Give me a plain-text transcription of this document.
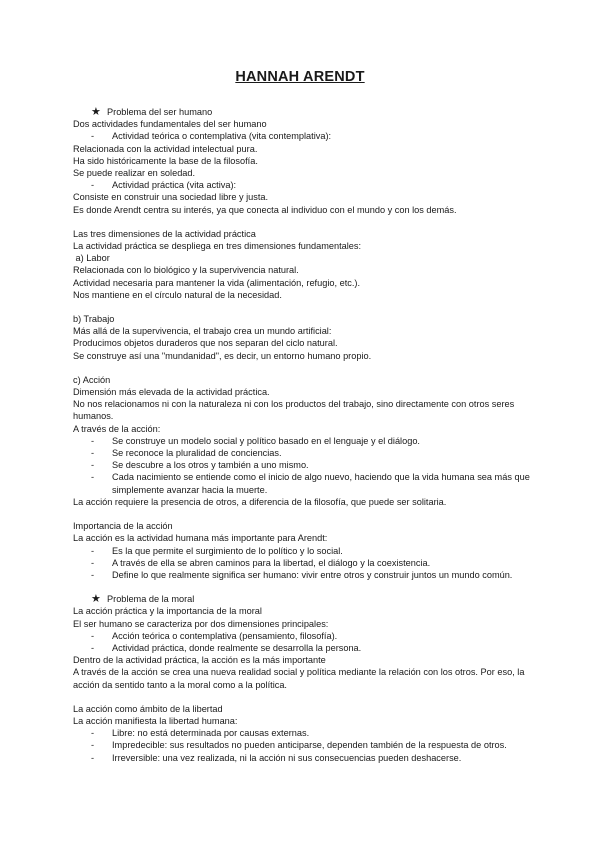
HANNAH ARENDT
★ Problema del ser humano
Dos actividades fundamentales del ser humano
-	Actividad teórica o contemplativa (vita contemplativa):
Relacionada con la actividad intelectual pura.
Ha sido históricamente la base de la filosofía.
Se puede realizar en soledad.
-	Actividad práctica (vita activa):
Consiste en construir una sociedad libre y justa.
Es donde Arendt centra su interés, ya que conecta al individuo con el mundo y con los demás.
Las tres dimensiones de la actividad práctica
La actividad práctica se despliega en tres dimensiones fundamentales:
a) Labor
Relacionada con lo biológico y la supervivencia natural.
Actividad necesaria para mantener la vida (alimentación, refugio, etc.).
Nos mantiene en el círculo natural de la necesidad.
b) Trabajo
Más allá de la supervivencia, el trabajo crea un mundo artificial:
Producimos objetos duraderos que nos separan del ciclo natural.
Se construye así una "mundanidad", es decir, un entorno humano propio.
c) Acción
Dimensión más elevada de la actividad práctica.
No nos relacionamos ni con la naturaleza ni con los productos del trabajo, sino directamente con otros seres humanos.
A través de la acción:
-	Se construye un modelo social y político basado en el lenguaje y el diálogo.
-	Se reconoce la pluralidad de conciencias.
-	Se descubre a los otros y también a uno mismo.
-	Cada nacimiento se entiende como el inicio de algo nuevo, haciendo que la vida humana sea más que simplemente avanzar hacia la muerte.
La acción requiere la presencia de otros, a diferencia de la filosofía, que puede ser solitaria.
Importancia de la acción
La acción es la actividad humana más importante para Arendt:
-	Es la que permite el surgimiento de lo político y lo social.
-	A través de ella se abren caminos para la libertad, el diálogo y la coexistencia.
-	Define lo que realmente significa ser humano: vivir entre otros y construir juntos un mundo común.
★ Problema de la moral
La acción práctica y la importancia de la moral
El ser humano se caracteriza por dos dimensiones principales:
-	Acción teórica o contemplativa (pensamiento, filosofía).
-	Actividad práctica, donde realmente se desarrolla la persona.
Dentro de la actividad práctica, la acción es la más importante
A través de la acción se crea una nueva realidad social y política mediante la relación con los otros. Por eso, la acción da sentido tanto a la moral como a la política.
La acción como ámbito de la libertad
La acción manifiesta la libertad humana:
-	Libre: no está determinada por causas externas.
-	Impredecible: sus resultados no pueden anticiparse, dependen también de la respuesta de otros.
-	Irreversible: una vez realizada, ni la acción ni sus consecuencias pueden deshacerse.
